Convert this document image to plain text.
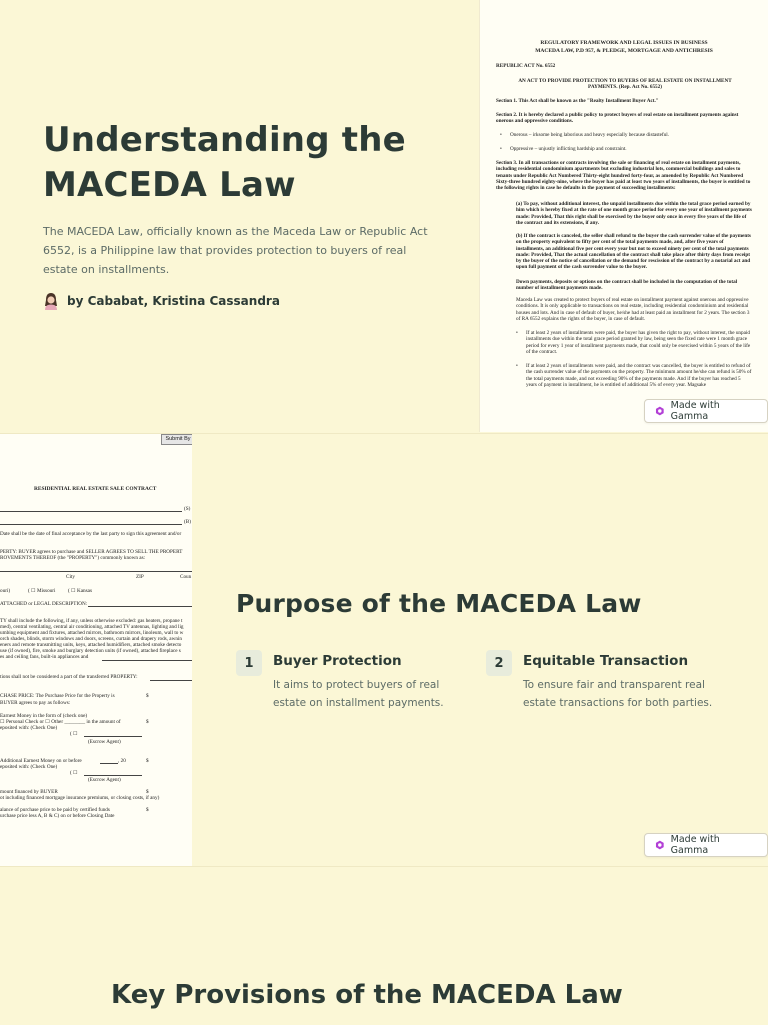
Understanding the MACEDA Law

The MACEDA Law, officially known as the Maceda Law or Republic Act 6552, is a Philippine law that provides protection to buyers of real estate on installments.

by Cababat, Kristina Cassandra
REGULATORY FRAMEWORK AND LEGAL ISSUES IN BUSINESS
MACEDA LAW, P.D 957, & PLEDGE, MORTGAGE AND ANTICHRESIS
REPUBLIC ACT No. 6552
AN ACT TO PROVIDE PROTECTION TO BUYERS OF REAL ESTATE ON INSTALLMENT PAYMENTS. (Rep. Act No. 6552)
Section 1. This Act shall be known as the "Realty Installment Buyer Act."
Section 2. It is hereby declared a public policy to protect buyers of real estate on installment payments against onerous and oppressive conditions.
• Onerous – irksome being laborious and heavy especially because distasteful.
• Oppressive – unjustly inflicting hardship and constraint.
Section 3. In all transactions or contracts involving the sale or financing of real estate on installment payments, including residential condominium apartments but excluding industrial lots, commercial buildings and sales to tenants under Republic Act Numbered Thirty-eight hundred forty-four, as amended by Republic Act Numbered Sixty-three hundred eighty-nine, where the buyer has paid at least two years of installments, the buyer is entitled to the following rights in case he defaults in the payment of succeeding installments:
(a) To pay, without additional interest, the unpaid installments due within the total grace period earned by him which is hereby fixed at the rate of one month grace period for every one year of installment payments made: Provided, That this right shall be exercised by the buyer only once in every five years of the life of the contract and its extensions, if any.
(b) If the contract is canceled, the seller shall refund to the buyer the cash surrender value of the payments on the property equivalent to fifty per cent of the total payments made, and, after five years of installments, an additional five per cent every year but not to exceed ninety per cent of the total payments made: Provided, That the actual cancellation of the contract shall take place after thirty days from receipt by the buyer of the notice of cancellation or the demand for rescission of the contract by a notarial act and upon full payment of the cash surrender value to the buyer.
Down payments, deposits or options on the contract shall be included in the computation of the total number of installment payments made.
Maceda Law was created to protect buyers of real estate on installment payment against onerous and oppressive conditions. It is only applicable to transactions on real estate, including residential condominium and residential houses and lots. And in case of default of buyer, he/she had at least paid an installment for 2 years. The section 3 of RA 6552 explains the rights of the buyer, in case of default.
• If at least 2 years of installments were paid, the buyer has given the right to pay, without interest, the unpaid installments due within the total grace period granted by law, being seen the fixed rate were 1 month grace period for every 1 year of installment payments made, that could only be exercised within 5 years of the life of the contract.
• If at least 2 years of installments were paid, and the contract was cancelled, the buyer is entitled to refund of the cash surrender value of the payments on the property. The minimum amount he/she can refund is 50% of the total payments made, and not exceeding 90% of the payments made. And if the buyer has reached 5 years of payment in installment, he is entitled of additional 5% of every year. Magsake
Made with Gamma
Submit By
RESIDENTIAL REAL ESTATE SALE CONTRACT
(S)
(B)
Date shall be the date of final acceptance by the last party to sign this agreement and/or
PERTY: BUYER agrees to purchase and SELLER AGREES TO SELL THE PROPERT
ROVEMENTS THEREOF (the "PROPERTY") commonly known as:
City	ZIP	Coun
ouri)	( ☐ Missouri ( ☐ Kansas
ATTACHED or LEGAL DESCRIPTION:
TY shall include the following, if any, unless otherwise excluded: gas heaters, propane t
med), central ventilating, central air conditioning, attached TV antennas, lighting and lig
umbing equipment and fixtures, attached mirrors, bathroom mirrors, linoleum, wall to w
orch shades, blinds, storm windows and doors, screens, curtain and drapery rods, awnin
eners and remote transmitting units, keys, attached humidifiers, attached smoke detecto
use (if owned), fire, smoke and burglary detection units (if owned), attached fireplace s
es and ceiling fans, built-in appliances and
tions shall not be considered a part of the transferred PROPERTY:
CHASE PRICE: The Purchase Price for the Property is	$
BUYER agrees to pay as follows:
Earnest Money in the form of (check one)
☐ Personal Check or ☐ Other ________ in the amount of	$
eposited with: (Check One)
( ☐
(Escrow Agent)
Additional Earnest Money on or before	, 20	$
eposited with: (Check One)
( ☐
(Escrow Agent)
mount financed by BUYER	$
ot including financed mortgage insurance premiums, or closing costs, if any)
alance of purchase price to be paid by certified funds	$
urchase price less A, B & C) on or before Closing Date
Purpose of the MACEDA Law
1	Buyer Protection
It aims to protect buyers of real estate on installment payments.
2	Equitable Transaction
To ensure fair and transparent real estate transactions for both parties.
Made with Gamma
Key Provisions of the MACEDA Law
